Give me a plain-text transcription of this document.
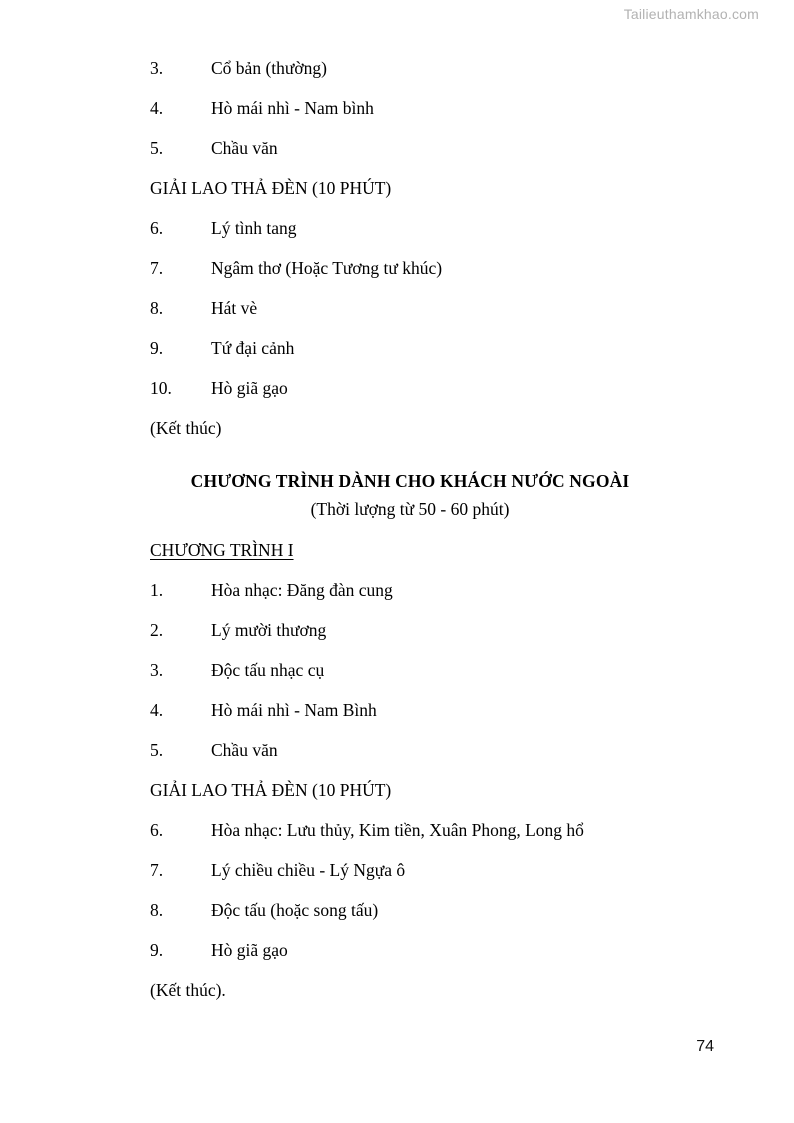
Tailieuthamkhao.com
3.	Cổ bản (thường)
4.	Hò mái nhì - Nam bình
5.	Chầu văn
GIẢI LAO THẢ ĐÈN (10 PHÚT)
6.	Lý tình tang
7.	Ngâm thơ (Hoặc Tương tư khúc)
8.	Hát vè
9.	Tứ đại cảnh
10.	Hò giã gạo
(Kết thúc)
CHƯƠNG TRÌNH DÀNH CHO KHÁCH NƯỚC NGOÀI
(Thời lượng từ 50 - 60 phút)
CHƯƠNG TRÌNH I
1.	Hòa nhạc: Đăng đàn cung
2.	Lý mười thương
3.	Độc tấu nhạc cụ
4.	Hò mái nhì - Nam Bình
5.	Chầu văn
GIẢI LAO THẢ ĐÈN (10 PHÚT)
6.	Hòa nhạc: Lưu thủy, Kim tiền, Xuân Phong, Long hổ
7.	Lý chiều chiều - Lý Ngựa ô
8.	Độc tấu (hoặc song tấu)
9.	Hò giã gạo
(Kết thúc).
74
